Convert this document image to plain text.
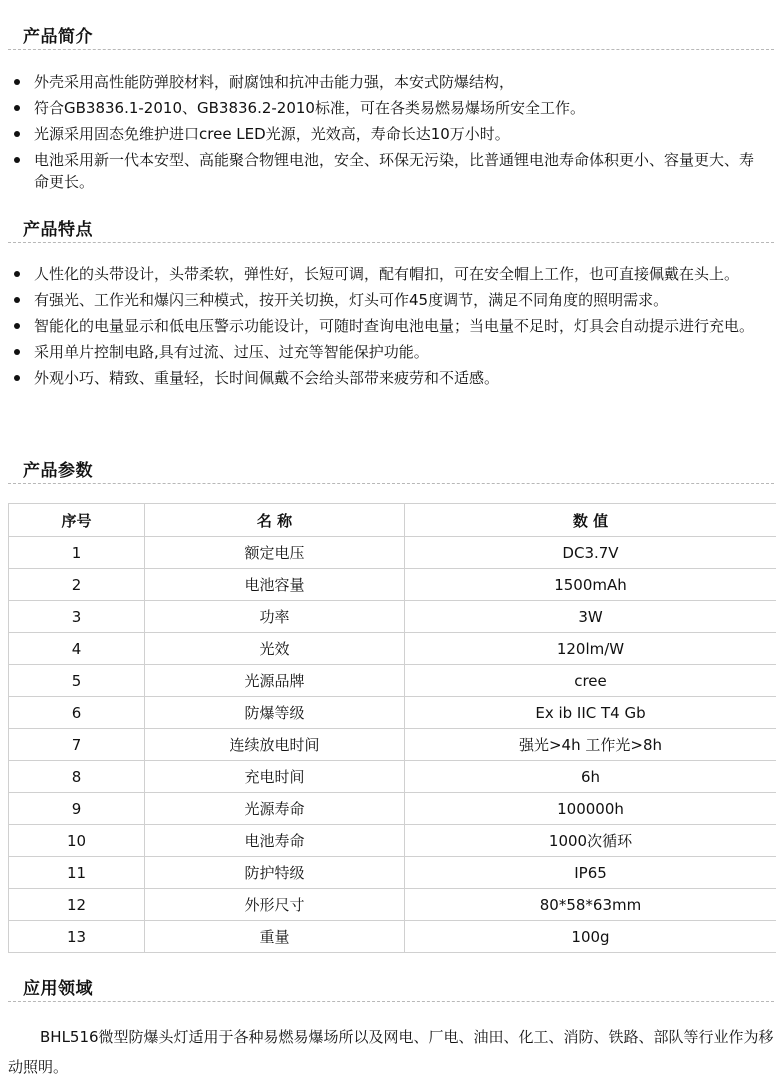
产品简介
外壳采用高性能防弹胶材料，耐腐蚀和抗冲击能力强，本安式防爆结构，
符合GB3836.1-2010、GB3836.2-2010标准，可在各类易燃易爆场所安全工作。
光源采用固态免维护进口cree LED光源，光效高，寿命长达10万小时。
电池采用新一代本安型、高能聚合物锂电池，安全、环保无污染，比普通锂电池寿命体积更小、容量更大、寿命更长。
产品特点
人性化的头带设计，头带柔软，弹性好，长短可调，配有帽扣，可在安全帽上工作，也可直接佩戴在头上。
有强光、工作光和爆闪三种模式，按开关切换，灯头可作45度调节，满足不同角度的照明需求。
智能化的电量显示和低电压警示功能设计，可随时查询电池电量；当电量不足时，灯具会自动提示进行充电。
采用单片控制电路,具有过流、过压、过充等智能保护功能。
外观小巧、精致、重量轻，长时间佩戴不会给头部带来疲劳和不适感。
产品参数
序号	名 称	数 值
1	额定电压	DC3.7V
2	电池容量	1500mAh
3	功率	3W
4	光效	120lm/W
5	光源品牌	cree
6	防爆等级	Ex ib IIC T4 Gb
7	连续放电时间	强光>4h 工作光>8h
8	充电时间	6h
9	光源寿命	100000h
10	电池寿命	1000次循环
11	防护特级	IP65
12	外形尺寸	80*58*63mm
13	重量	100g
应用领域

BHL516微型防爆头灯适用于各种易燃易爆场所以及网电、厂电、油田、化工、消防、铁路、部队等行业作为移动照明。
